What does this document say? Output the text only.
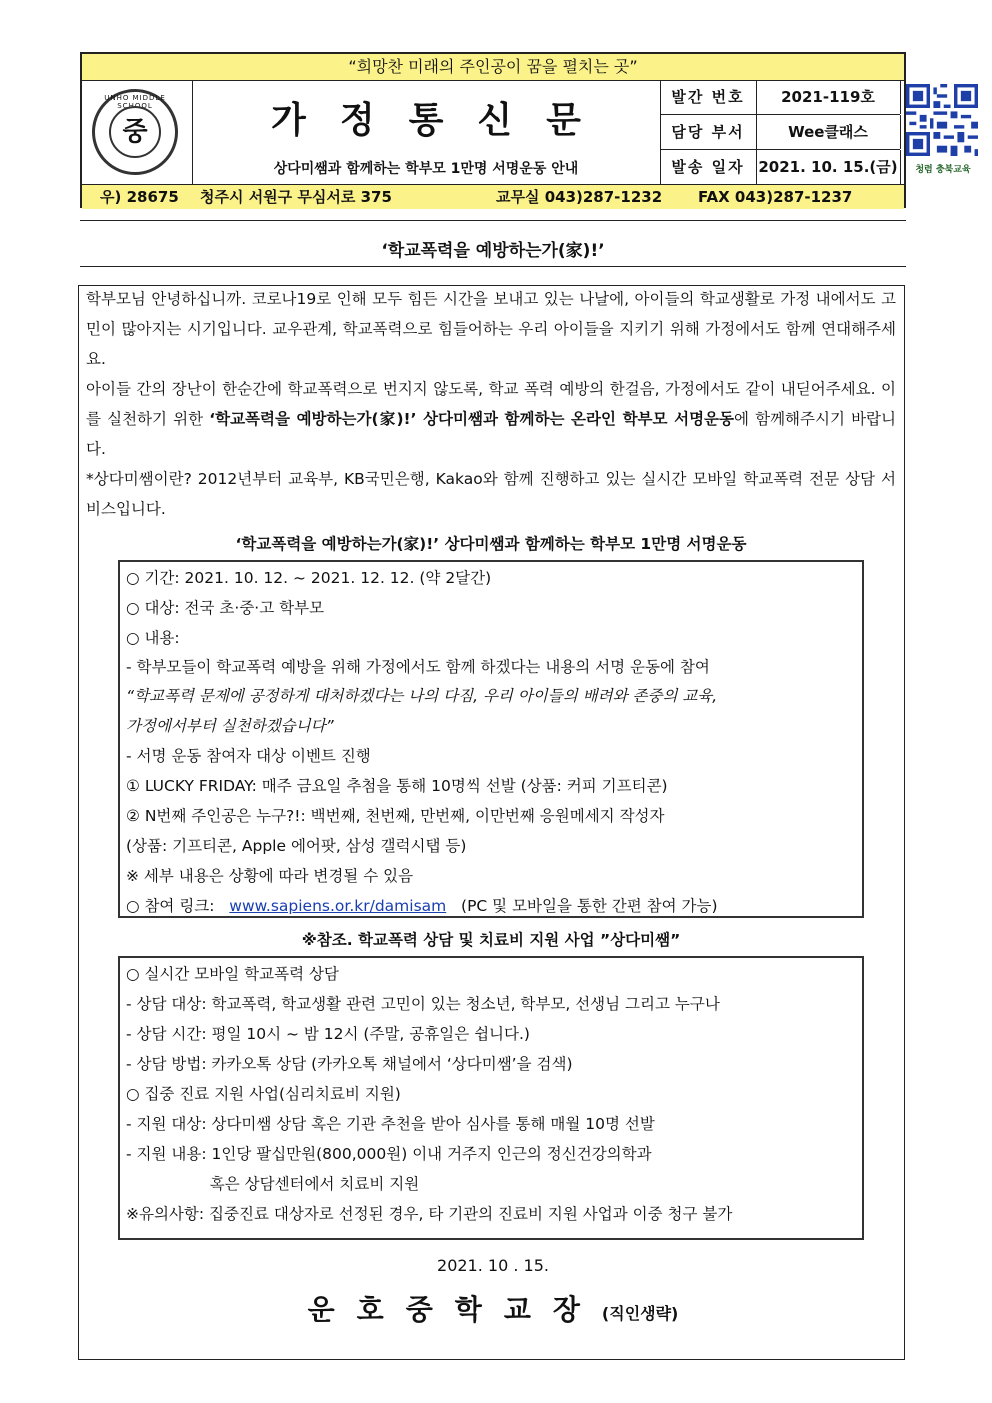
“희망찬 미래의 주인공이 꿈을 펼치는 곳”
UNHO MIDDLE SCHOOL
중	가정통신문
상다미쌤과 함께하는 학부모 1만명 서명운동 안내
발간 번호	2021-119호
담당 부서	Wee클래스
발송 일자 2021. 10. 15.(금)	청렴 충북교육
우) 28675 청주시 서원구 무심서로 375	교무실 043)287-1232 FAX 043)287-1237
‘학교폭력을 예방하는가(家)!’
학부모님 안녕하십니까. 코로나19로 인해 모두 힘든 시간을 보내고 있는 나날에, 아이들의 학교생활로 가정 내에서도 고민이 많아지는 시기입니다. 교우관계, 학교폭력으로 힘들어하는 우리 아이들을 지키기 위해 가정에서도 함께 연대해주세요.
아이들 간의 장난이 한순간에 학교폭력으로 번지지 않도록, 학교 폭력 예방의 한걸음, 가정에서도 같이 내딛어주세요. 이를 실천하기 위한 ‘학교폭력을 예방하는가(家)!’ 상다미쌤과 함께하는 온라인 학부모 서명운동에 함께해주시기 바랍니다.
*상다미쌤이란? 2012년부터 교육부, KB국민은행, Kakao와 함께 진행하고 있는 실시간 모바일 학교폭력 전문 상담 서비스입니다.
‘학교폭력을 예방하는가(家)!’ 상다미쌤과 함께하는 학부모 1만명 서명운동
○ 기간: 2021. 10. 12. ~ 2021. 12. 12. (약 2달간)
○ 대상: 전국 초·중·고 학부모
○ 내용:
- 학부모들이 학교폭력 예방을 위해 가정에서도 함께 하겠다는 내용의 서명 운동에 참여
“학교폭력 문제에 공정하게 대처하겠다는 나의 다짐, 우리 아이들의 배려와 존중의 교육,
가정에서부터 실천하겠습니다”
- 서명 운동 참여자 대상 이벤트 진행
① LUCKY FRIDAY: 매주 금요일 추첨을 통해 10명씩 선발 (상품: 커피 기프티콘)
② N번째 주인공은 누구?!: 백번째, 천번째, 만번째, 이만번째 응원메세지 작성자
(상품: 기프티콘, Apple 에어팟, 삼성 갤럭시탭 등)
※ 세부 내용은 상황에 따라 변경될 수 있음
○ 참여 링크: www.sapiens.or.kr/damisam (PC 및 모바일을 통한 간편 참여 가능)
※참조. 학교폭력 상담 및 치료비 지원 사업 ”상다미쌤”
○ 실시간 모바일 학교폭력 상담
- 상담 대상: 학교폭력, 학교생활 관련 고민이 있는 청소년, 학부모, 선생님 그리고 누구나
- 상담 시간: 평일 10시 ~ 밤 12시 (주말, 공휴일은 쉽니다.)
- 상담 방법: 카카오톡 상담 (카카오톡 채널에서 ‘상다미쌤’을 검색)
○ 집중 진료 지원 사업(심리치료비 지원)
- 지원 대상: 상다미쌤 상담 혹은 기관 추천을 받아 심사를 통해 매월 10명 선발
- 지원 내용: 1인당 팔십만원(800,000원) 이내 거주지 인근의 정신건강의학과
혹은 상담센터에서 치료비 지원
※유의사항: 집중진료 대상자로 선정된 경우, 타 기관의 진료비 지원 사업과 이중 청구 불가
2021. 10 . 15.
운호중학교장(직인생략)
